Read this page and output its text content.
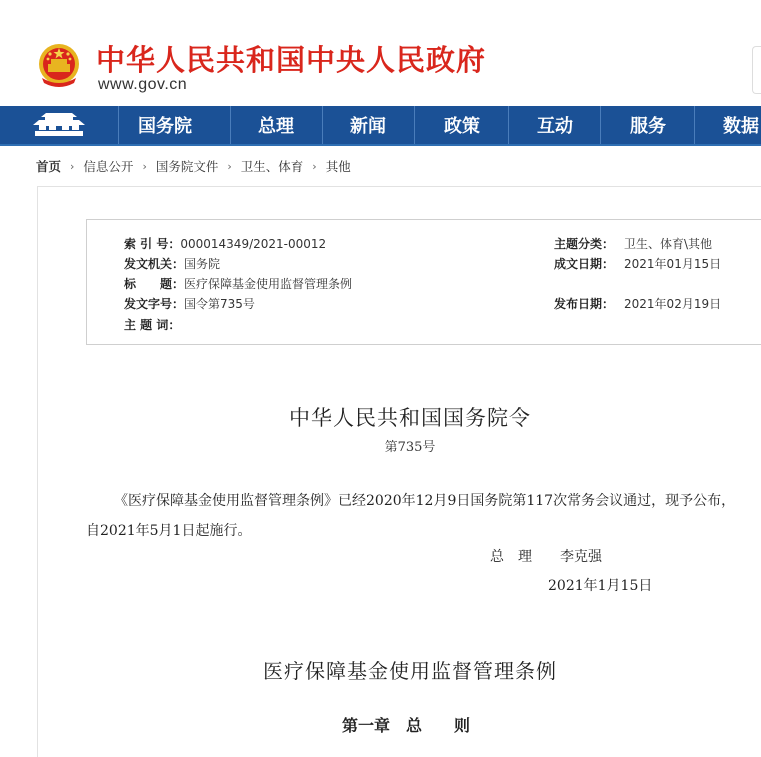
中华人民共和国中央人民政府
www.gov.cn
国务院	总理	新闻	政策	互动	服务	数据
首页 › 信息公开 › 国务院文件 › 卫生、体育 › 其他
索 引 号：000014349/2021-00012	主题分类： 卫生、体育\其他
发文机关：国务院	成文日期： 2021年01月15日
标　　题：医疗保障基金使用监督管理条例
发文字号：国令第735号	发布日期： 2021年02月19日
主 题 词：
中华人民共和国国务院令
第735号
《医疗保障基金使用监督管理条例》已经2020年12月9日国务院第117次常务会议通过，现予公布，自2021年5月1日起施行。
总　理　　李克强
2021年1月15日
医疗保障基金使用监督管理条例
第一章　总　　则
